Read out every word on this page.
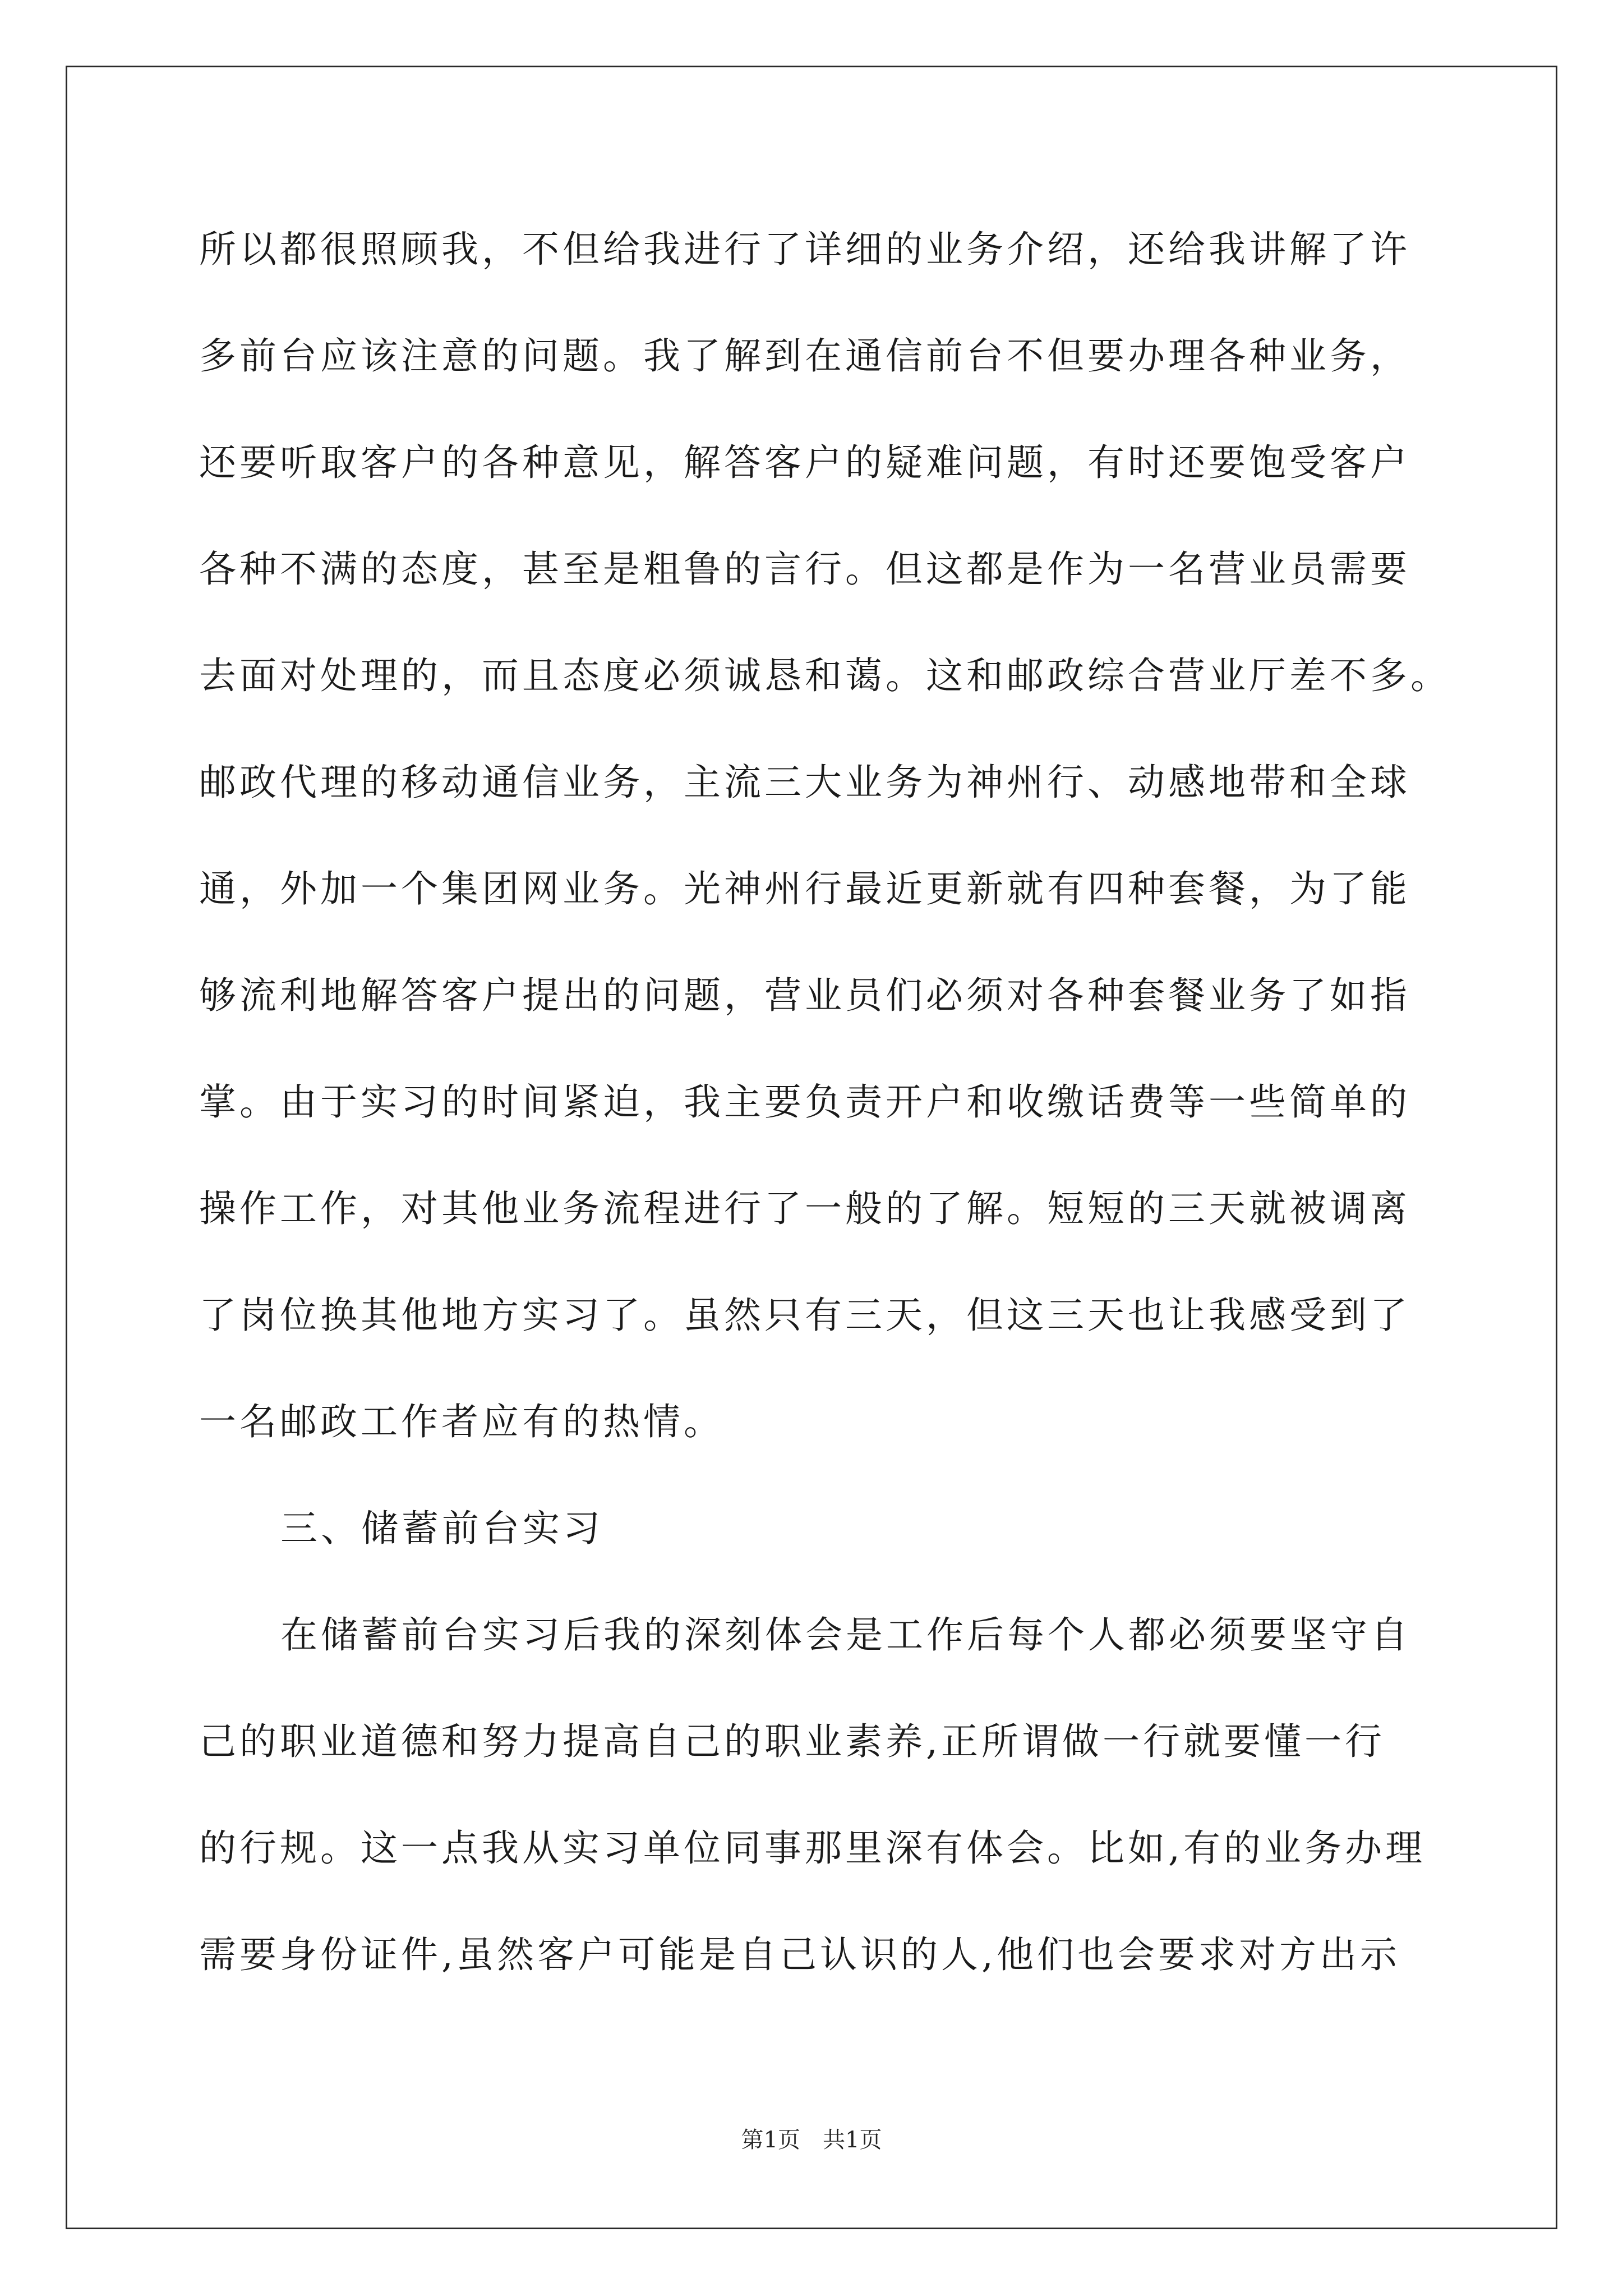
所以都很照顾我，不但给我进行了详细的业务介绍，还给我讲解了许
多前台应该注意的问题。我了解到在通信前台不但要办理各种业务，
还要听取客户的各种意见，解答客户的疑难问题，有时还要饱受客户
各种不满的态度，甚至是粗鲁的言行。但这都是作为一名营业员需要
去面对处理的，而且态度必须诚恳和蔼。这和邮政综合营业厅差不多。
邮政代理的移动通信业务，主流三大业务为神州行、动感地带和全球
通，外加一个集团网业务。光神州行最近更新就有四种套餐，为了能
够流利地解答客户提出的问题，营业员们必须对各种套餐业务了如指
掌。由于实习的时间紧迫，我主要负责开户和收缴话费等一些简单的
操作工作，对其他业务流程进行了一般的了解。短短的三天就被调离
了岗位换其他地方实习了。虽然只有三天，但这三天也让我感受到了
一名邮政工作者应有的热情。
三、储蓄前台实习
在储蓄前台实习后我的深刻体会是工作后每个人都必须要坚守自
己的职业道德和努力提高自己的职业素养,正所谓做一行就要懂一行
的行规。这一点我从实习单位同事那里深有体会。比如,有的业务办理
需要身份证件,虽然客户可能是自己认识的人,他们也会要求对方出示
第1页　共1页
